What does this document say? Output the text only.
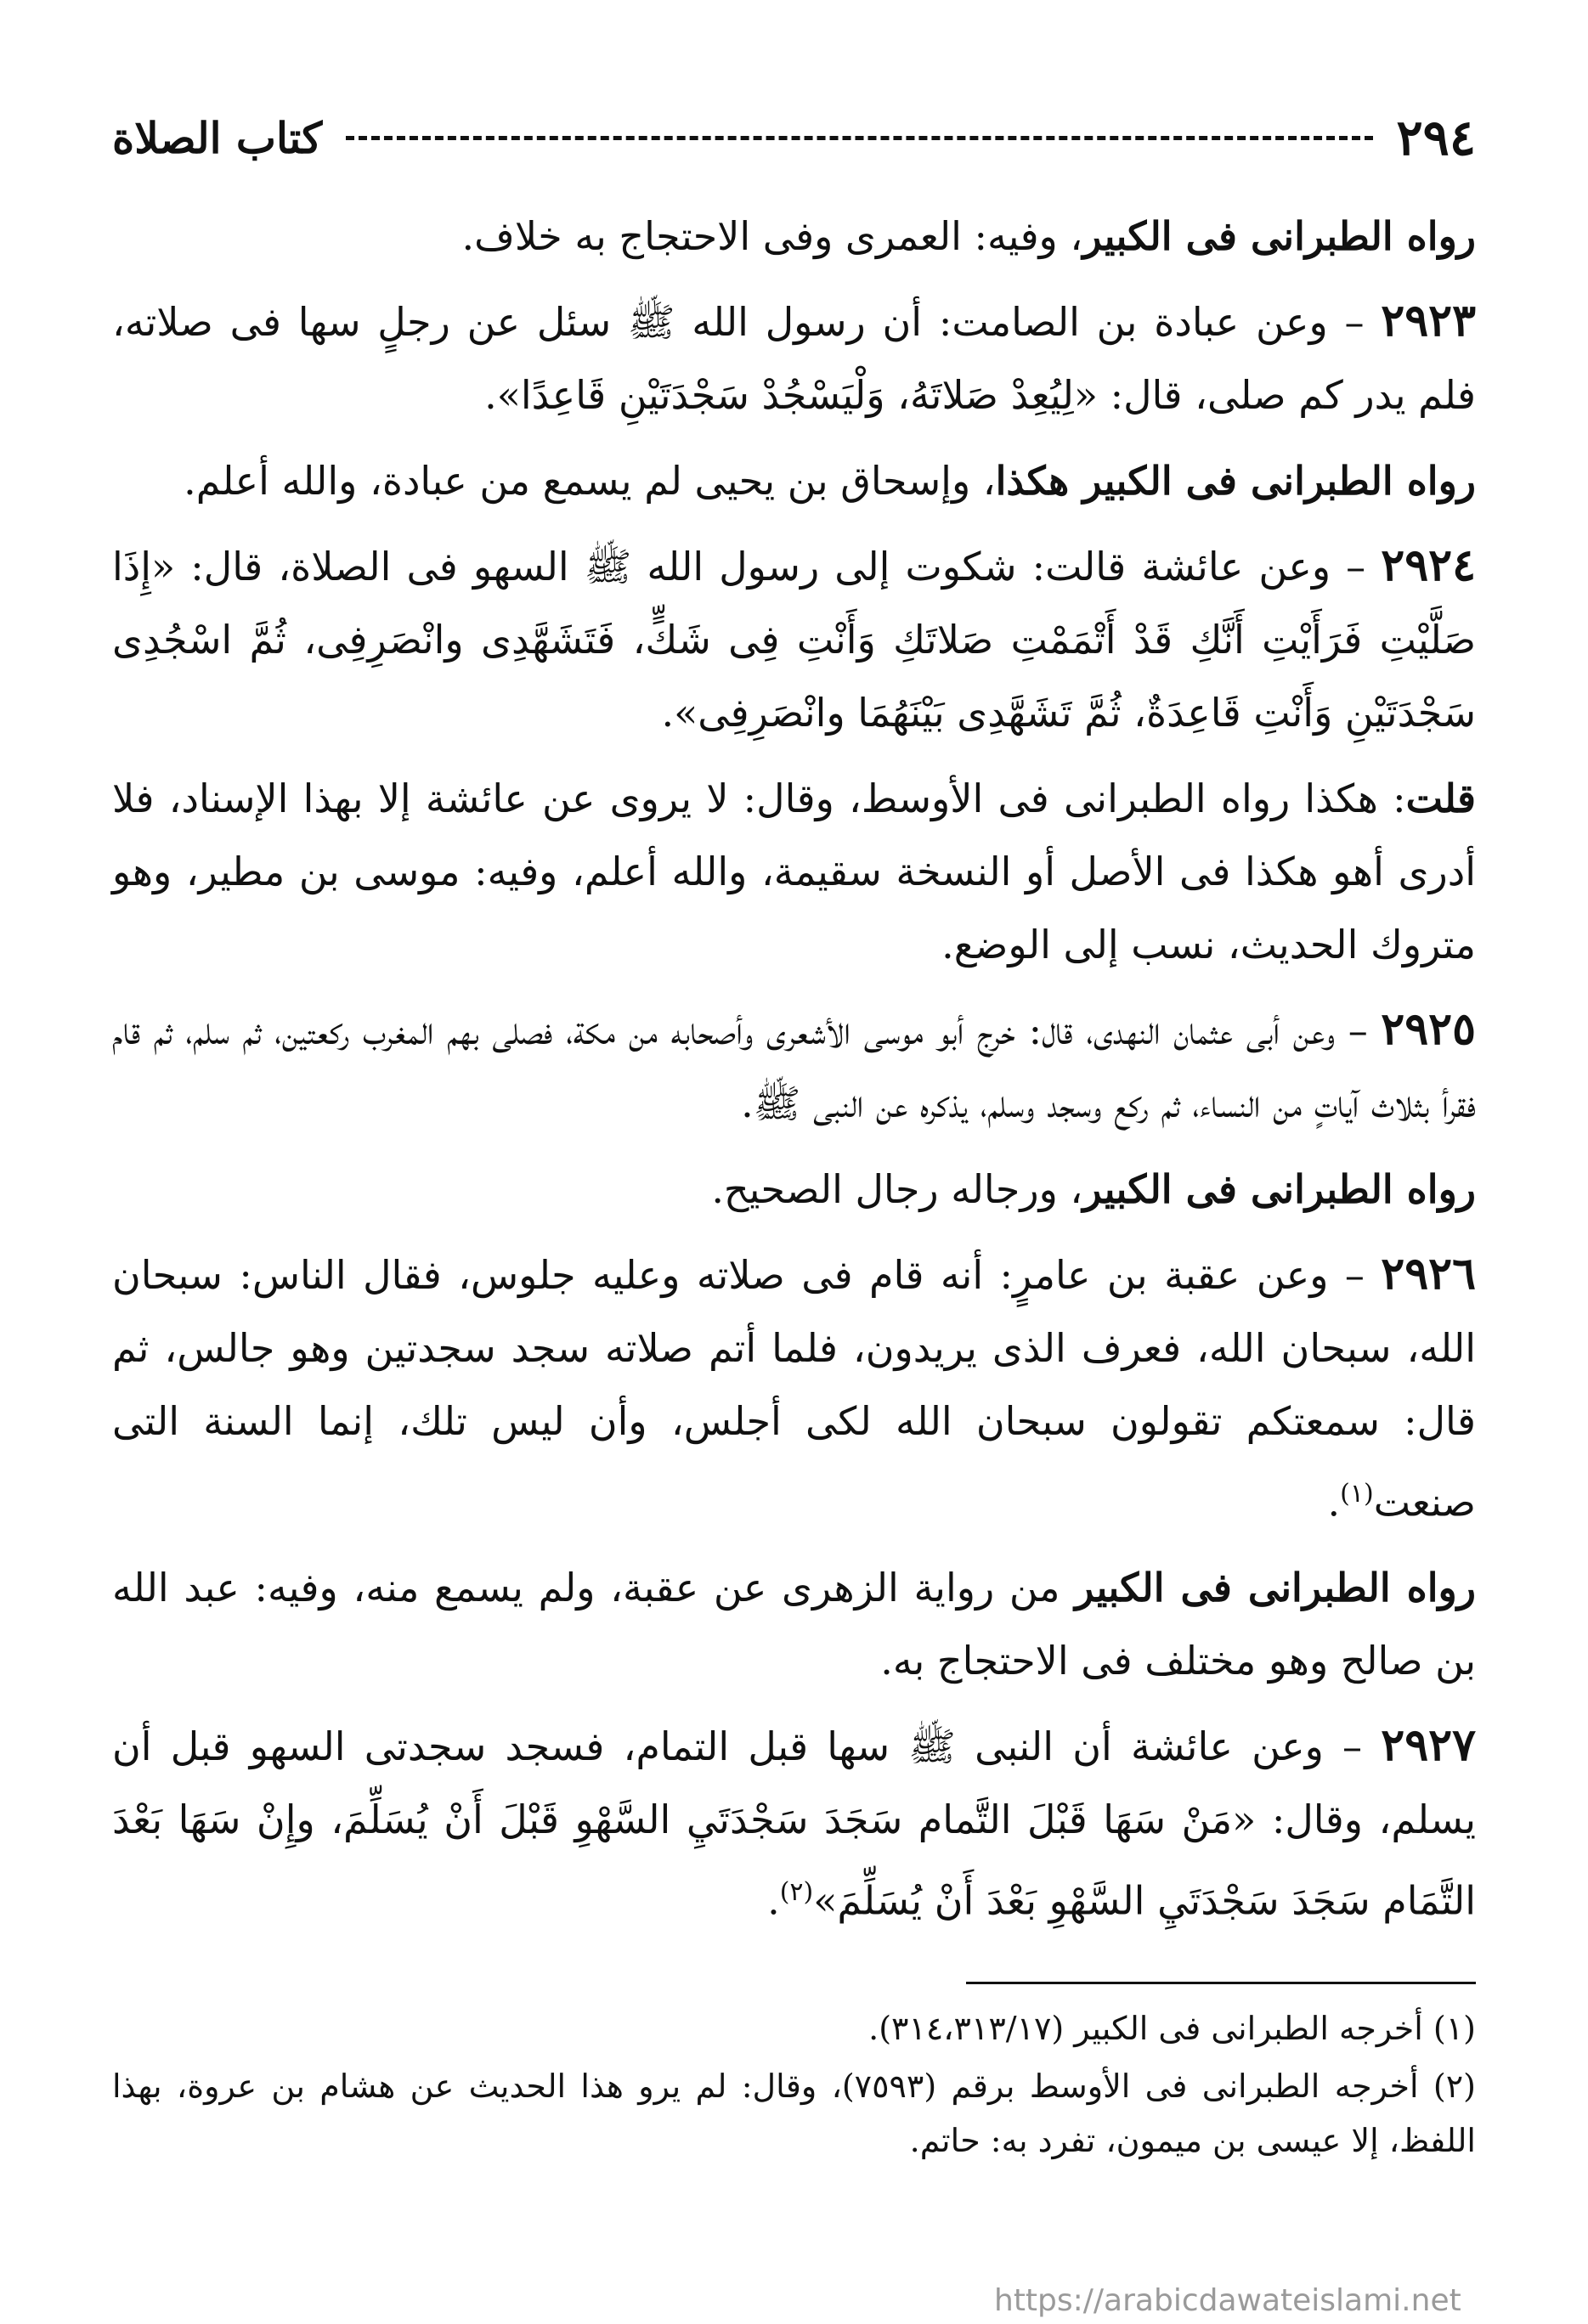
٢٩٤
كتاب الصلاة

رواه الطبرانى فى الكبير، وفيه: العمرى وفى الاحتجاج به خلاف.

٢٩٢٣ – وعن عبادة بن الصامت: أن رسول الله ﷺ سئل عن رجلٍ سها فى صلاته، فلم يدر كم صلى، قال: «لِيُعِدْ صَلاتَهُ، وَلْيَسْجُدْ سَجْدَتَيْنِ قَاعِدًا».

رواه الطبرانى فى الكبير هكذا، وإسحاق بن يحيى لم يسمع من عبادة، والله أعلم.

٢٩٢٤ – وعن عائشة قالت: شكوت إلى رسول الله ﷺ السهو فى الصلاة، قال: «إِذَا صَلَّيْتِ فَرَأَيْتِ أَنَّكِ قَدْ أَتْمَمْتِ صَلاتَكِ وَأَنْتِ فِى شَكٍّ، فَتَشَهَّدِى وانْصَرِفِى، ثُمَّ اسْجُدِى سَجْدَتَيْنِ وَأَنْتِ قَاعِدَةٌ، ثُمَّ تَشَهَّدِى بَيْنَهُمَا وانْصَرِفِى».

قلت: هكذا رواه الطبرانى فى الأوسط، وقال: لا يروى عن عائشة إلا بهذا الإسناد، فلا أدرى أهو هكذا فى الأصل أو النسخة سقيمة، والله أعلم، وفيه: موسى بن مطير، وهو متروك الحديث، نسب إلى الوضع.

٢٩٢٥ – وعن أبى عثمان النهدى، قال: خرج أبو موسى الأشعرى وأصحابه من مكة، فصلى بهم المغرب ركعتين، ثم سلم، ثم قام فقرأ بثلاث آياتٍ من النساء، ثم ركع وسجد وسلم، يذكره عن النبى ﷺ.

رواه الطبرانى فى الكبير، ورجاله رجال الصحيح.

٢٩٢٦ – وعن عقبة بن عامرٍ: أنه قام فى صلاته وعليه جلوس، فقال الناس: سبحان الله، سبحان الله، فعرف الذى يريدون، فلما أتم صلاته سجد سجدتين وهو جالس، ثم قال: سمعتكم تقولون سبحان الله لكى أجلس، وأن ليس تلك، إنما السنة التى صنعت$^{(١)}$.

رواه الطبرانى فى الكبير من رواية الزهرى عن عقبة، ولم يسمع منه، وفيه: عبد الله بن صالح وهو مختلف فى الاحتجاج به.

٢٩٢٧ – وعن عائشة أن النبى ﷺ سها قبل التمام، فسجد سجدتى السهو قبل أن يسلم، وقال: «مَنْ سَهَا قَبْلَ التَّمام سَجَدَ سَجْدَتَيِ السَّهْوِ قَبْلَ أَنْ يُسَلِّمَ، وإِنْ سَهَا بَعْدَ التَّمَام سَجَدَ سَجْدَتَيِ السَّهْوِ بَعْدَ أَنْ يُسَلِّمَ»$^{(٢)}$.

(١) أخرجه الطبرانى فى الكبير (٣١٤،٣١٣/١٧).

(٢) أخرجه الطبرانى فى الأوسط برقم (٧٥٩٣)، وقال: لم يرو هذا الحديث عن هشام بن عروة، بهذا اللفظ، إلا عيسى بن ميمون، تفرد به: حاتم.

https://arabicdawateislami.net
